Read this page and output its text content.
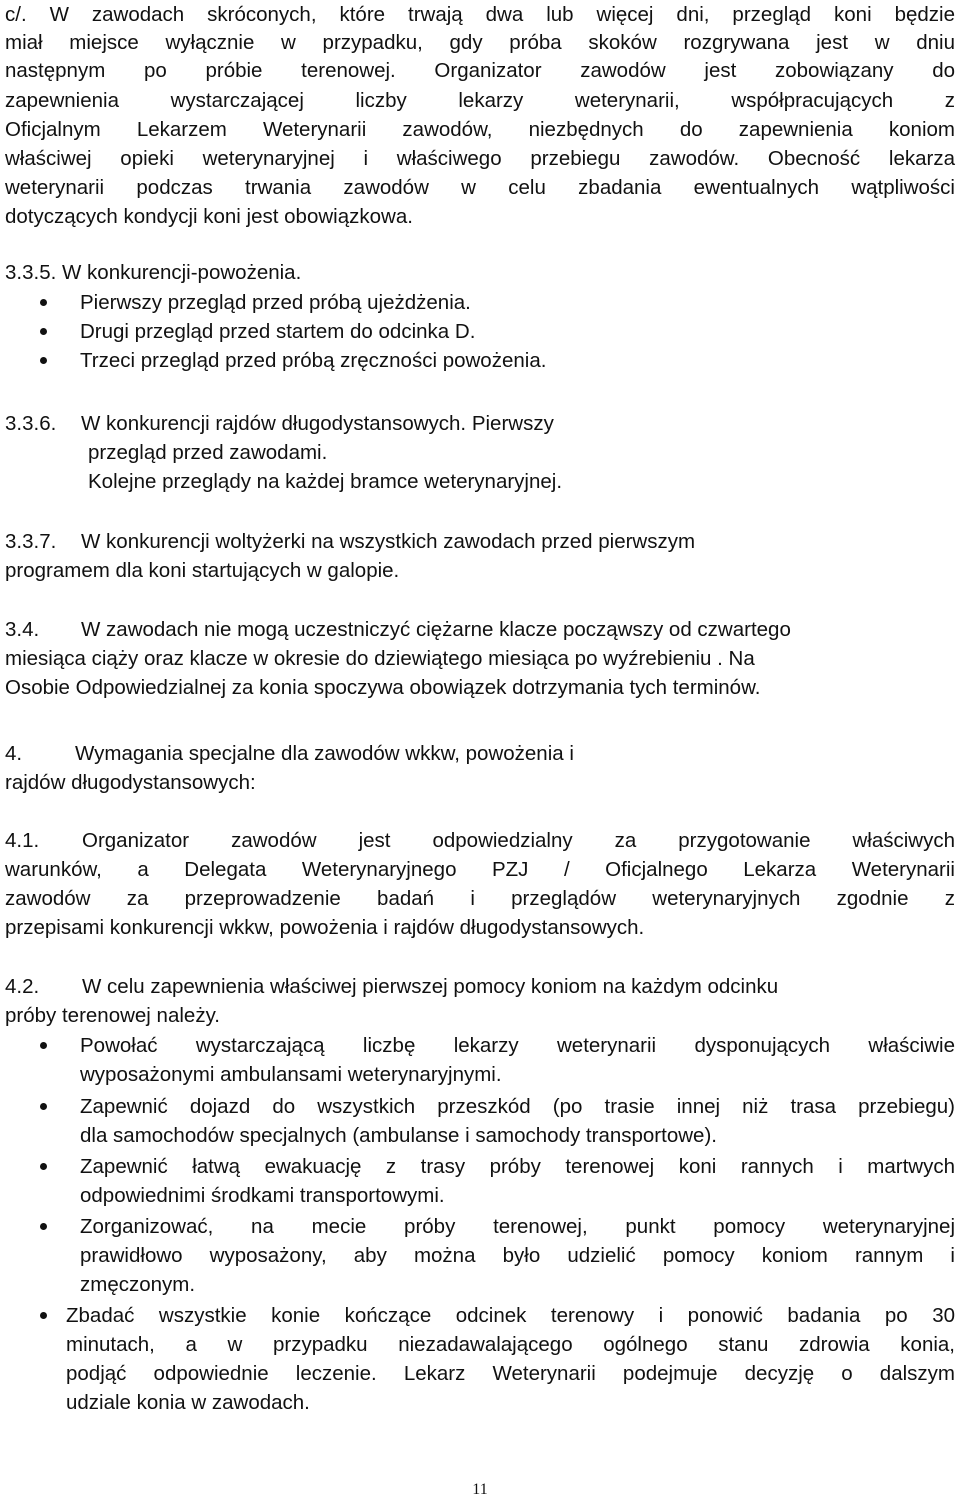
c/. W zawodach skróconych, które trwają dwa lub więcej dni, przegląd koni będzie
miał miejsce wyłącznie w przypadku, gdy próba skoków rozgrywana jest w dniu
następnym po próbie terenowej. Organizator zawodów jest zobowiązany do
zapewnienia wystarczającej liczby lekarzy weterynarii, współpracujących z
Oficjalnym Lekarzem Weterynarii zawodów, niezbędnych do zapewnienia koniom
właściwej opieki weterynaryjnej i właściwego przebiegu zawodów. Obecność lekarza
weterynarii podczas trwania zawodów w celu zbadania ewentualnych wątpliwości
dotyczących kondycji koni jest obowiązkowa.
3.3.5. W konkurencji-powożenia.
Pierwszy przegląd przed próbą ujeżdżenia.
Drugi przegląd przed startem do odcinka D.
Trzeci przegląd przed próbą zręczności powożenia.
3.3.6. W konkurencji rajdów długodystansowych. Pierwszy
przegląd przed zawodami.
Kolejne przeglądy na każdej bramce weterynaryjnej.
3.3.7. W konkurencji woltyżerki na wszystkich zawodach przed pierwszym
programem dla koni startujących w galopie.
3.4. W zawodach nie mogą uczestniczyć ciężarne klacze począwszy od czwartego
miesiąca ciąży oraz klacze w okresie do dziewiątego miesiąca po wyźrebieniu . Na
Osobie Odpowiedzialnej za konia spoczywa obowiązek dotrzymania tych terminów.
4.	Wymagania specjalne dla zawodów wkkw, powożenia i
rajdów długodystansowych:
4.1. Organizator zawodów jest odpowiedzialny za przygotowanie właściwych
warunków, a Delegata Weterynaryjnego PZJ / Oficjalnego Lekarza Weterynarii
zawodów za przeprowadzenie badań i przeglądów weterynaryjnych zgodnie z
przepisami konkurencji wkkw, powożenia i rajdów długodystansowych.
4.2. W celu zapewnienia właściwej pierwszej pomocy koniom na każdym odcinku
próby terenowej należy.
Powołać wystarczającą liczbę lekarzy weterynarii dysponujących właściwie
wyposażonymi ambulansami weterynaryjnymi.
Zapewnić dojazd do wszystkich przeszkód (po trasie innej niż trasa przebiegu)
dla samochodów specjalnych (ambulanse i samochody transportowe).
Zapewnić łatwą ewakuację z trasy próby terenowej koni rannych i martwych
odpowiednimi środkami transportowymi.
Zorganizować, na mecie próby terenowej, punkt pomocy weterynaryjnej
prawidłowo wyposażony, aby można było udzielić pomocy koniom rannym i
zmęczonym.
Zbadać wszystkie konie kończące odcinek terenowy i ponowić badania po 30
minutach, a w przypadku niezadawalającego ogólnego stanu zdrowia konia,
podjąć odpowiednie leczenie. Lekarz Weterynarii podejmuje decyzję o dalszym
udziale konia w zawodach.
11
